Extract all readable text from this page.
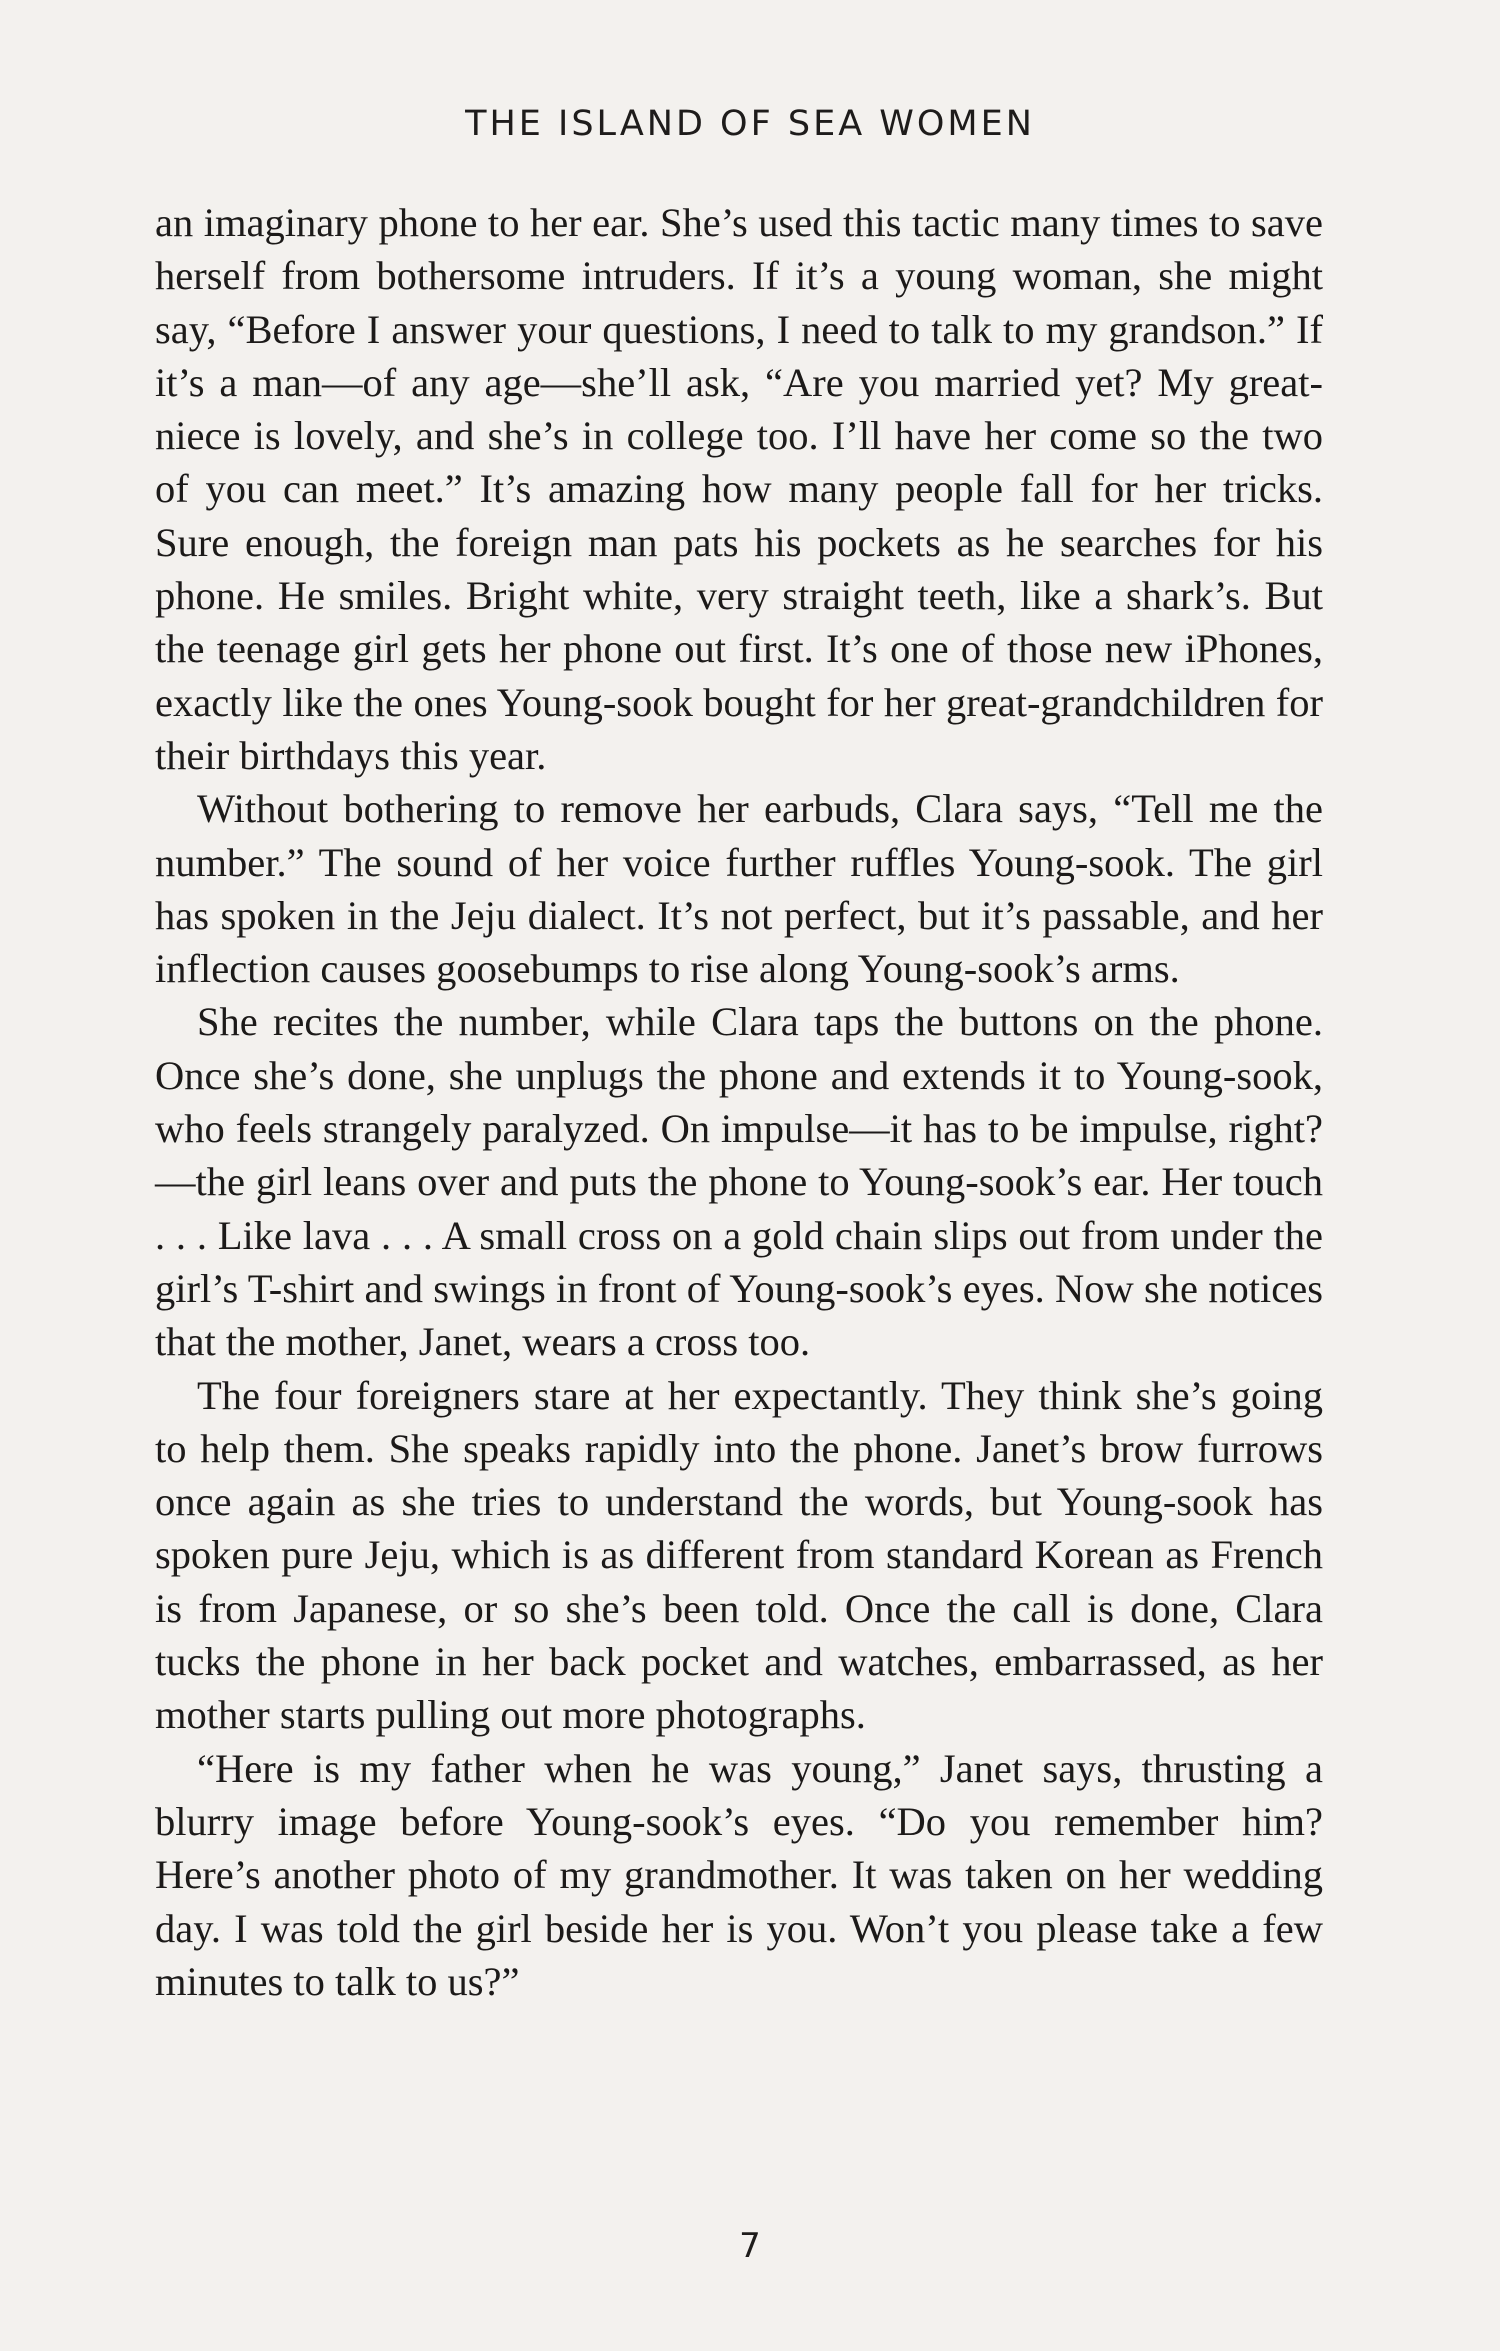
THE ISLAND OF SEA WOMEN

an imaginary phone to her ear. She’s used this tactic many times to save herself from bothersome intruders. If it’s a young woman, she might say, “Before I answer your questions, I need to talk to my grandson.” If it’s a man—of any age—she’ll ask, “Are you married yet? My great-niece is lovely, and she’s in college too. I’ll have her come so the two of you can meet.” It’s amazing how many people fall for her tricks. Sure enough, the foreign man pats his pockets as he searches for his phone. He smiles. Bright white, very straight teeth, like a shark’s. But the teenage girl gets her phone out first. It’s one of those new iPhones, exactly like the ones Young-sook bought for her great-grandchildren for their birthdays this year.

Without bothering to remove her earbuds, Clara says, “Tell me the number.” The sound of her voice further ruffles Young-sook. The girl has spoken in the Jeju dialect. It’s not perfect, but it’s passable, and her inflection causes goosebumps to rise along Young-sook’s arms.

She recites the number, while Clara taps the buttons on the phone. Once she’s done, she unplugs the phone and extends it to Young-sook, who feels strangely paralyzed. On impulse—it has to be impulse, right?—the girl leans over and puts the phone to Young-sook’s ear. Her touch . . . Like lava . . . A small cross on a gold chain slips out from under the girl’s T-shirt and swings in front of Young-sook’s eyes. Now she notices that the mother, Janet, wears a cross too.

The four foreigners stare at her expectantly. They think she’s going to help them. She speaks rapidly into the phone. Janet’s brow furrows once again as she tries to understand the words, but Young-sook has spoken pure Jeju, which is as different from standard Korean as French is from Japanese, or so she’s been told. Once the call is done, Clara tucks the phone in her back pocket and watches, embarrassed, as her mother starts pulling out more photographs.

“Here is my father when he was young,” Janet says, thrusting a blurry image before Young-sook’s eyes. “Do you remember him? Here’s another photo of my grandmother. It was taken on her wedding day. I was told the girl beside her is you. Won’t you please take a few minutes to talk to us?”

7
